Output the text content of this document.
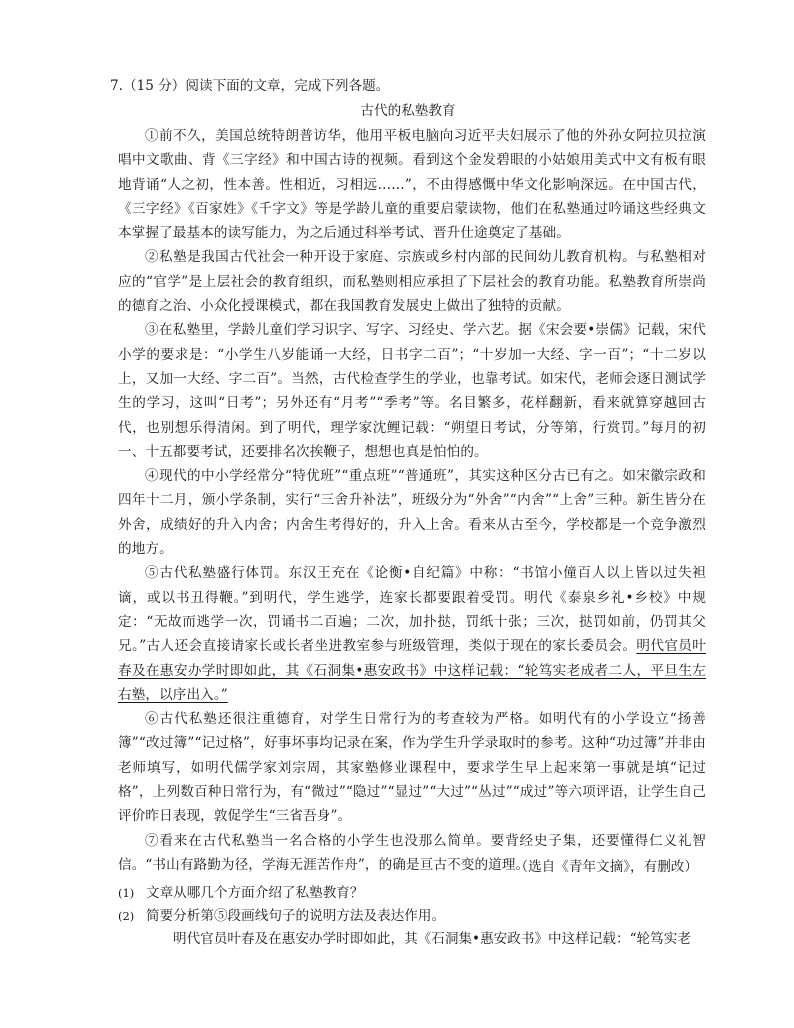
7.（15 分）阅读下面的文章，完成下列各题。
古代的私塾教育

①前不久，美国总统特朗普访华，他用平板电脑向习近平夫妇展示了他的外孙女阿拉贝拉演唱中文歌曲、背《三字经》和中国古诗的视频。看到这个金发碧眼的小姑娘用美式中文有板有眼地背诵“人之初，性本善。性相近，习相远……”，不由得感慨中华文化影响深远。在中国古代，《三字经》《百家姓》《千字文》等是学龄儿童的重要启蒙读物，他们在私塾通过吟诵这些经典文本掌握了最基本的读写能力，为之后通过科举考试、晋升仕途奠定了基础。

②私塾是我国古代社会一种开设于家庭、宗族或乡村内部的民间幼儿教育机构。与私塾相对应的“官学”是上层社会的教育组织，而私塾则相应承担了下层社会的教育功能。私塾教育所崇尚的德育之治、小众化授课模式，都在我国教育发展史上做出了独特的贡献。

③在私塾里，学龄儿童们学习识字、写字、习经史、学六艺。据《宋会要•崇儒》记载，宋代小学的要求是：“小学生八岁能诵一大经，日书字二百”；“十岁加一大经、字一百”；“十二岁以上，又加一大经、字二百”。当然，古代检查学生的学业，也靠考试。如宋代，老师会逐日测试学生的学习，这叫“日考”；另外还有“月考”“季考”等。名目繁多，花样翻新，看来就算穿越回古代，也别想乐得清闲。到了明代，理学家沈鲤记载：“朔望日考试，分等第，行赏罚。”每月的初一、十五都要考试，还要排名次挨鞭子，想想也真是怕怕的。

④现代的中小学经常分“特优班”“重点班”“普通班”，其实这种区分古已有之。如宋徽宗政和四年十二月，颁小学条制，实行“三舍升补法”，班级分为“外舍”“内舍”“上舍”三种。新生皆分在外舍，成绩好的升入内舍；内舍生考得好的，升入上舍。看来从古至今，学校都是一个竞争激烈的地方。

⑤古代私塾盛行体罚。东汉王充在《论衡•自纪篇》中称：“书馆小僮百人以上皆以过失袒谪，或以书丑得鞭。”到明代，学生逃学，连家长都要跟着受罚。明代《泰泉乡礼•乡校》中规定：“无故而逃学一次，罚诵书二百遍；二次，加扑挞，罚纸十张；三次，挞罚如前，仍罚其父兄。”古人还会直接请家长或长者坐进教室参与班级管理，类似于现在的家长委员会。明代官员叶春及在惠安办学时即如此，其《石洞集•惠安政书》中这样记载：“轮笃实老成者二人，平旦生左右塾，以序出入。”

⑥古代私塾还很注重德育，对学生日常行为的考查较为严格。如明代有的小学设立“扬善簿”“改过簿”“记过格”，好事坏事均记录在案，作为学生升学录取时的参考。这种“功过簿”并非由老师填写，如明代儒学家刘宗周，其家塾修业课程中，要求学生早上起来第一事就是填“记过格”，上列数百种日常行为，有“微过”“隐过”“显过”“大过”“丛过”“成过”等六项评语，让学生自己评价昨日表现，敦促学生“三省吾身”。

⑦看来在古代私塾当一名合格的小学生也没那么简单。要背经史子集，还要懂得仁义礼智信。“书山有路勤为径，学海无涯苦作舟”，的确是亘古不变的道理。

（选自《青年文摘》，有删改）
(1) 文章从哪几个方面介绍了私塾教育？
(2) 简要分析第⑤段画线句子的说明方法及表达作用。
明代官员叶春及在惠安办学时即如此，其《石洞集•惠安政书》中这样记载：“轮笃实老
